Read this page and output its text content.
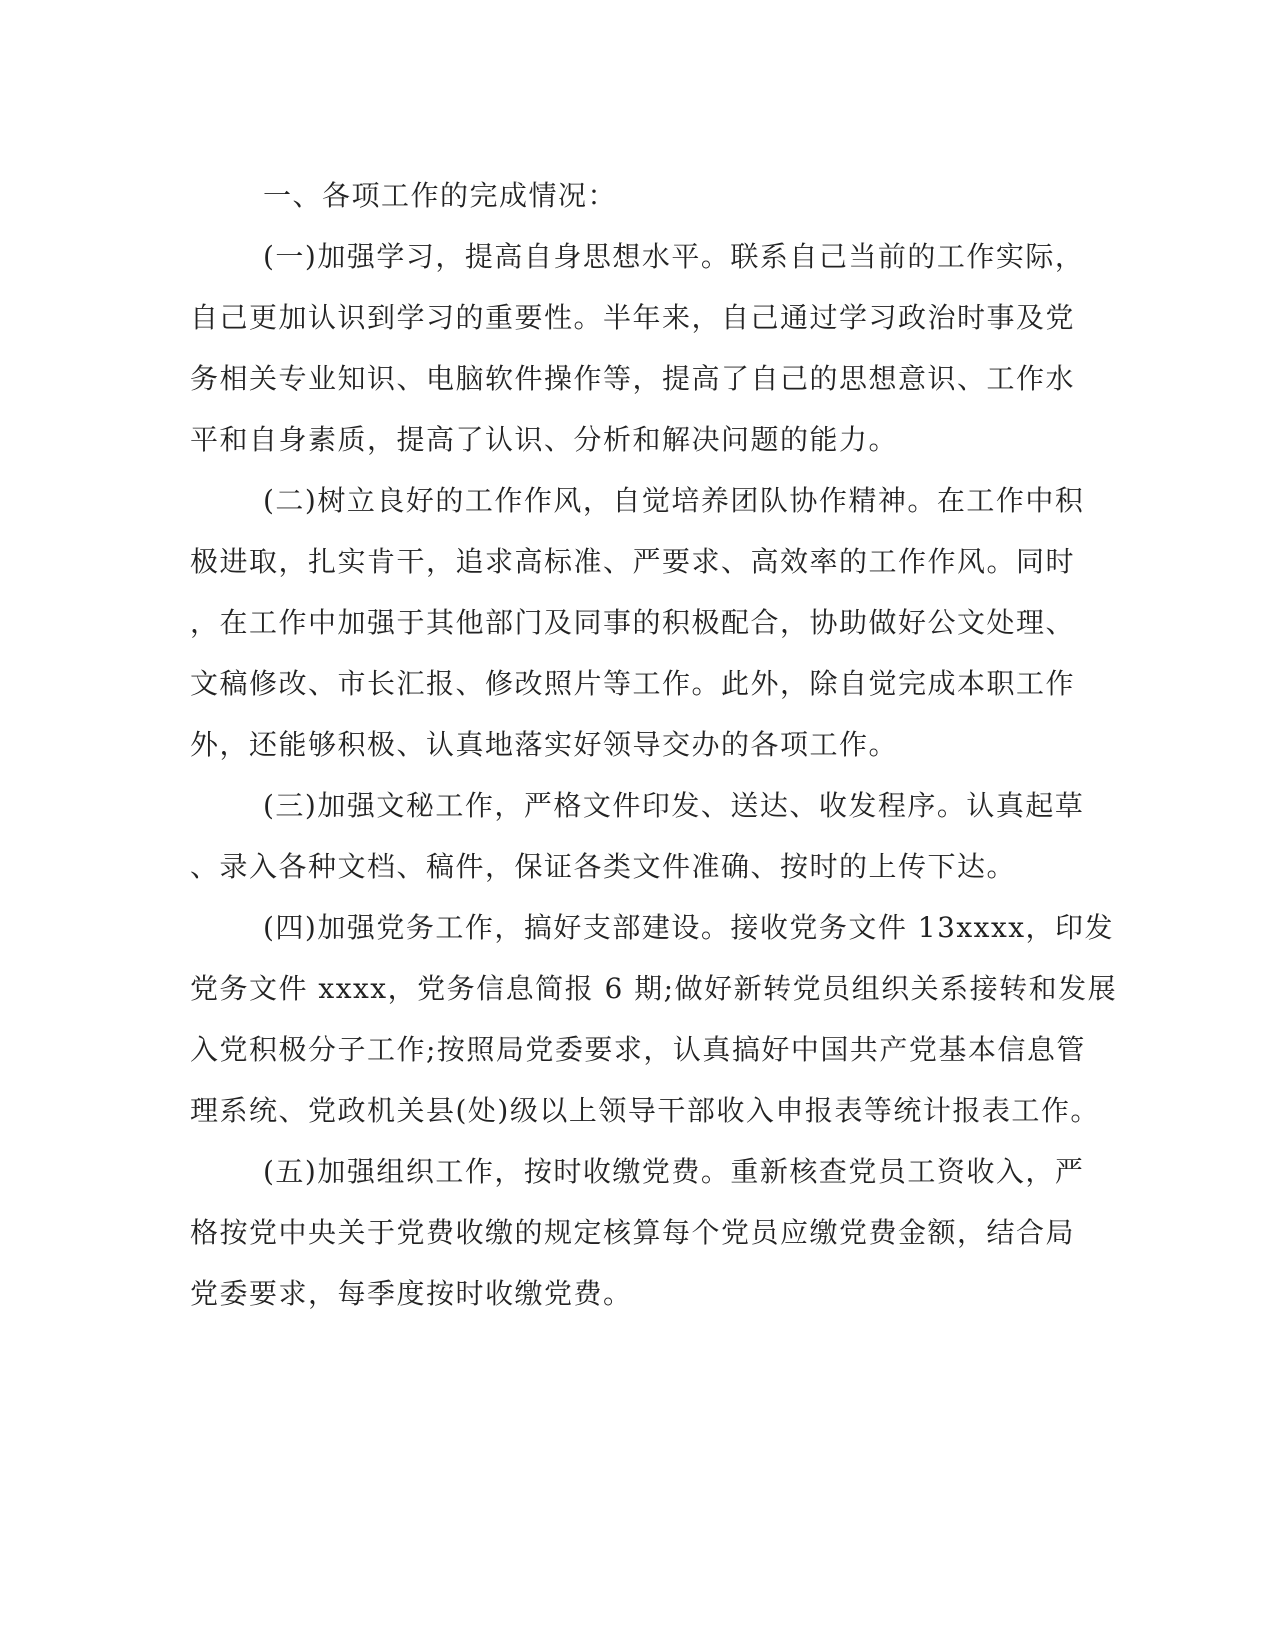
一、各项工作的完成情况：
(一)加强学习，提高自身思想水平。联系自己当前的工作实际，
自己更加认识到学习的重要性。半年来，自己通过学习政治时事及党
务相关专业知识、电脑软件操作等，提高了自己的思想意识、工作水
平和自身素质，提高了认识、分析和解决问题的能力。
(二)树立良好的工作作风，自觉培养团队协作精神。在工作中积
极进取，扎实肯干，追求高标准、严要求、高效率的工作作风。同时
，在工作中加强于其他部门及同事的积极配合，协助做好公文处理、
文稿修改、市长汇报、修改照片等工作。此外，除自觉完成本职工作
外，还能够积极、认真地落实好领导交办的各项工作。
(三)加强文秘工作，严格文件印发、送达、收发程序。认真起草
、录入各种文档、稿件，保证各类文件准确、按时的上传下达。
(四)加强党务工作，搞好支部建设。接收党务文件 13xxxx，印发
党务文件 xxxx，党务信息简报 6 期;做好新转党员组织关系接转和发展
入党积极分子工作;按照局党委要求，认真搞好中国共产党基本信息管
理系统、党政机关县(处)级以上领导干部收入申报表等统计报表工作。
(五)加强组织工作，按时收缴党费。重新核查党员工资收入，严
格按党中央关于党费收缴的规定核算每个党员应缴党费金额，结合局
党委要求，每季度按时收缴党费。
